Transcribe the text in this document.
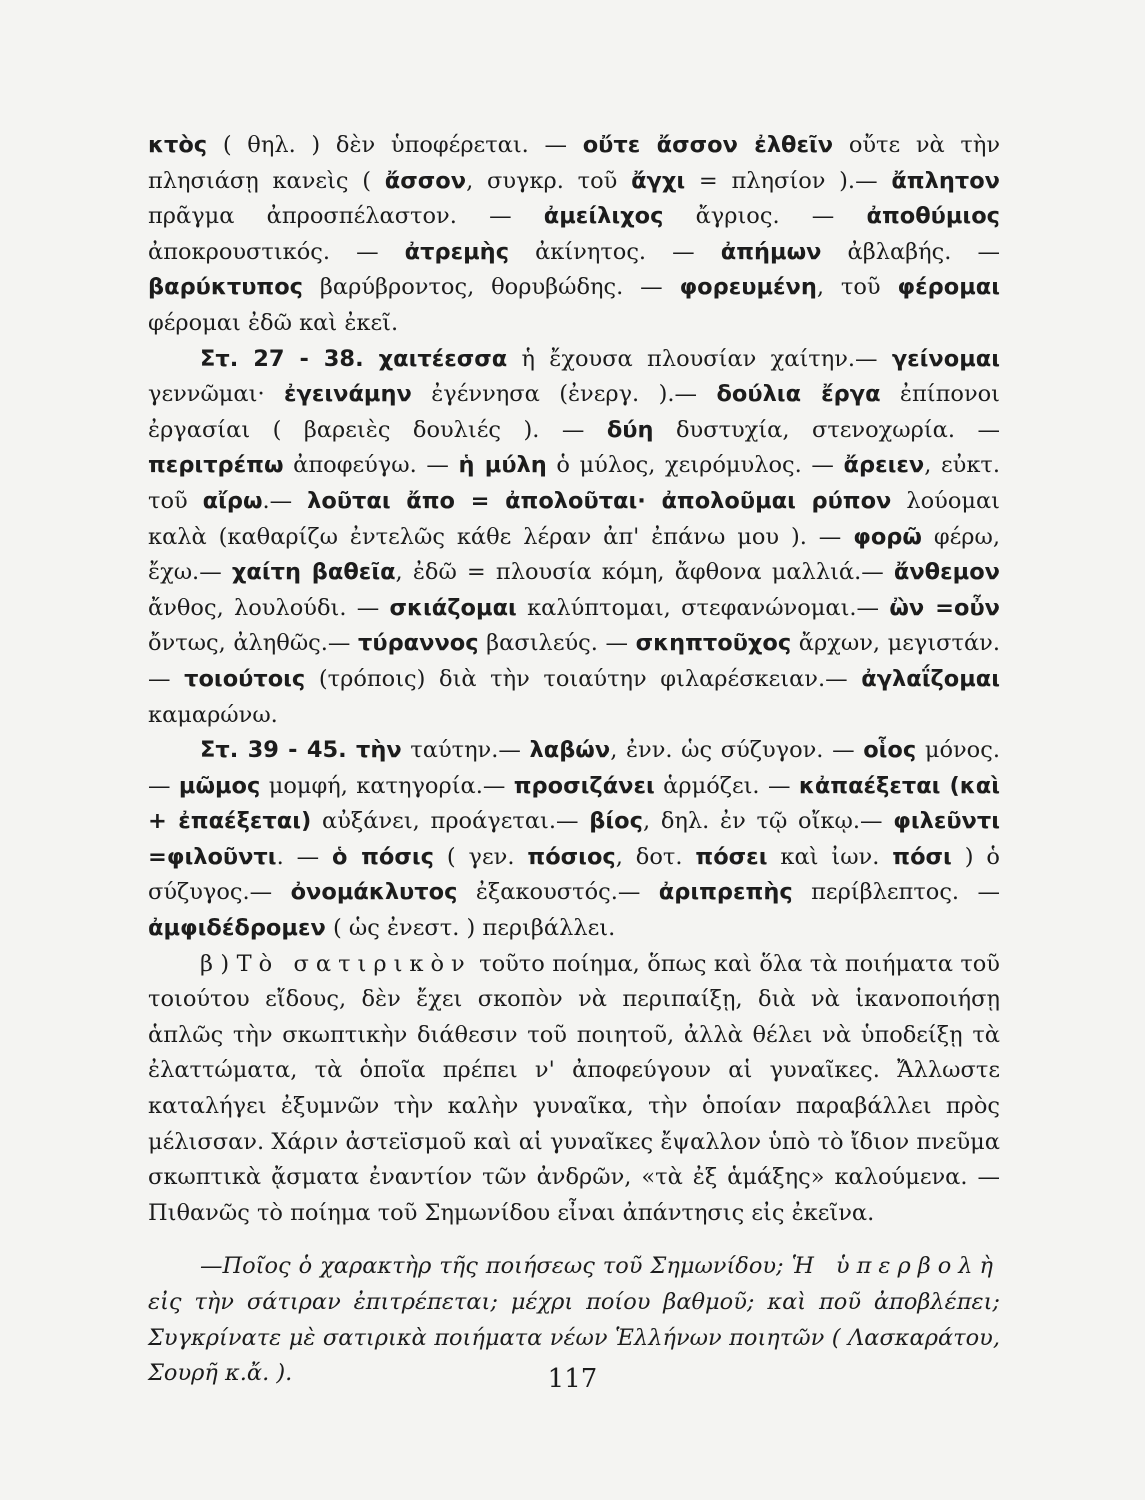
κτὸς ( θηλ. ) δὲν ὑποφέρεται. — οὔτε ἄσσον ἐλθεῖν οὔτε νὰ τὴν πλησιάσῃ κανεὶς ( ἄσσον, συγκρ. τοῦ ἄγχι = πλησίον ).— ἄπλητον πρᾶγμα ἀπροσπέλαστον. — ἀμείλιχος ἄγριος. — ἀποθύμιος ἀποκρουστικός. — ἀτρεμὴς ἀκίνητος. — ἀπήμων ἀβλαβής. — βαρύκτυπος βαρύβροντος, θορυβώδης. — φορευμένη, τοῦ φέρομαι φέρομαι ἐδῶ καὶ ἐκεῖ.

Στ. 27 - 38. χαιτέεσσα ἡ ἔχουσα πλουσίαν χαίτην.— γείνομαι γεννῶμαι· ἐγεινάμην ἐγέννησα (ἐνεργ. ).— δούλια ἔργα ἐπίπονοι ἐργασίαι ( βαρειὲς δουλιές ). — δύη δυστυχία, στενοχωρία. — περιτρέπω ἀποφεύγω. — ἡ μύλη ὁ μύλος, χειρόμυλος. — ἄρειεν, εὐκτ. τοῦ αἴρω.— λοῦται ἄπο = ἀπολοῦται· ἀπολοῦμαι ρύπον λούομαι καλὰ (καθαρίζω ἐντελῶς κάθε λέραν ἀπ' ἐπάνω μου ). — φορῶ φέρω, ἔχω.— χαίτη βαθεῖα, ἐδῶ = πλουσία κόμη, ἄφθονα μαλλιά.— ἄνθεμον ἄνθος, λουλούδι. — σκιάζομαι καλύπτομαι, στεφανώνομαι.— ὢν =οὖν ὄντως, ἀληθῶς.— τύραννος βασιλεύς. — σκηπτοῦχος ἄρχων, μεγιστάν.— τοιούτοις (τρόποις) διὰ τὴν τοιαύτην φιλαρέσκειαν.— ἀγλαΐζομαι καμαρώνω.

Στ. 39 - 45. τὴν ταύτην.— λαβών, ἐνν. ὡς σύζυγον. — οἷος μόνος. — μῶμος μομφή, κατηγορία.— προσιζάνει ἁρμόζει. — κἀπαέξεται (καὶ + ἐπαέξεται) αὐξάνει, προάγεται.— βίος, δηλ. ἐν τῷ οἴκῳ.— φιλεῦντι =φιλοῦντι. — ὁ πόσις ( γεν. πόσιος, δοτ. πόσει καὶ ἰων. πόσι ) ὁ σύζυγος.— ὀνομάκλυτος ἐξακουστός.— ἀριπρεπὴς περίβλεπτος. — ἀμφιδέδρομεν ( ὡς ἐνεστ. ) περιβάλλει.

β ) Τὸ σατιρικὸν τοῦτο ποίημα, ὅπως καὶ ὅλα τὰ ποιήματα τοῦ τοιούτου εἴδους, δὲν ἔχει σκοπὸν νὰ περιπαίξῃ, διὰ νὰ ἱκανοποιήσῃ ἁπλῶς τὴν σκωπτικὴν διάθεσιν τοῦ ποιητοῦ, ἀλλὰ θέλει νὰ ὑποδείξῃ τὰ ἐλαττώματα, τὰ ὁποῖα πρέπει ν' ἀποφεύγουν αἱ γυναῖκες. Ἄλλωστε καταλήγει ἐξυμνῶν τὴν καλὴν γυναῖκα, τὴν ὁποίαν παραβάλλει πρὸς μέλισσαν. Χάριν ἀστεϊσμοῦ καὶ αἱ γυναῖκες ἔψαλλον ὑπὸ τὸ ἴδιον πνεῦμα σκωπτικὰ ᾄσματα ἐναντίον τῶν ἀνδρῶν, «τὰ ἐξ ἁμάξης» καλούμενα. — Πιθανῶς τὸ ποίημα τοῦ Σημωνίδου εἶναι ἀπάντησις εἰς ἐκεῖνα.

—Ποῖος ὁ χαρακτὴρ τῆς ποιήσεως τοῦ Σημωνίδου; Ἡ ὑπερβολὴ εἰς τὴν σάτιραν ἐπιτρέπεται; μέχρι ποίου βαθμοῦ; καὶ ποῦ ἀποβλέπει; Συγκρίνατε μὲ σατιρικὰ ποιήματα νέων Ἑλλήνων ποιητῶν ( Λασκαράτου, Σουρῆ κ.ἄ. ).	117
